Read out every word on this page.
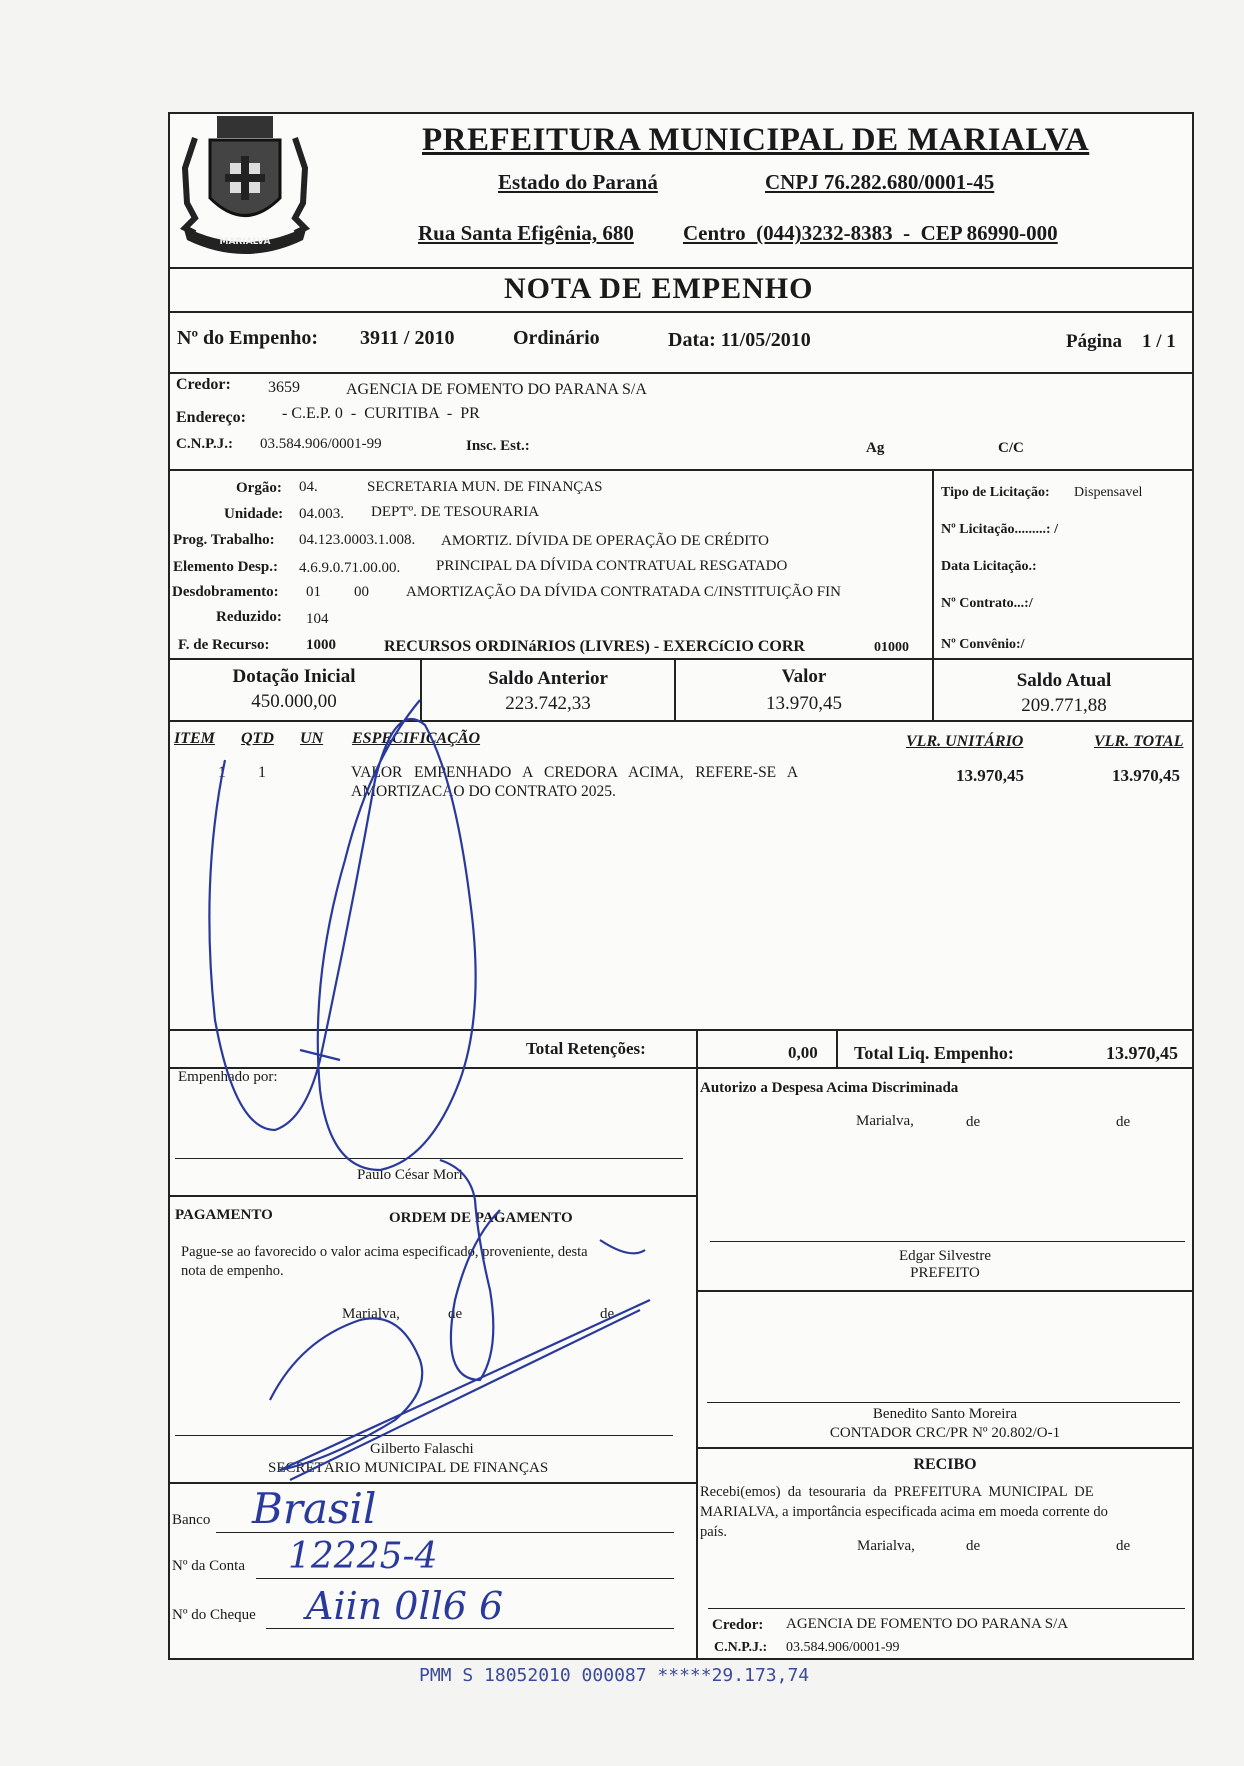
MARIALVA
PREFEITURA MUNICIPAL DE MARIALVA
Estado do Paraná	CNPJ 76.282.680/0001-45
Rua Santa Efigênia, 680 Centro  (044)3232-8383  -  CEP 86990-000
NOTA DE EMPENHO
Nº do Empenho: 3911 / 2010	Ordinário	Data: 11/05/2010	Página 1 / 1
Credor: 3659	AGENCIA DE FOMENTO DO PARANA S/A
Endereço: - C.E.P. 0  -  CURITIBA  -  PR
C.N.P.J.: 03.584.906/0001-99	Insc. Est.:	Ag	C/C
Orgão: 04.	SECRETARIA MUN. DE FINANÇAS
Unidade: 04.003. DEPTº. DE TESOURARIA
Prog. Trabalho: 04.123.0003.1.008. AMORTIZ. DÍVIDA DE OPERAÇÃO DE CRÉDITO
Elemento Desp.: 4.6.9.0.71.00.00. PRINCIPAL DA DÍVIDA CONTRATUAL RESGATADO
Desdobramento: 01 00 AMORTIZAÇÃO DA DÍVIDA CONTRATADA C/INSTITUIÇÃO FIN
Reduzido: 104
F. de Recurso: 1000	RECURSOS ORDINáRIOS (LIVRES) - EXERCíCIO CORR	01000
Tipo de Licitação: Dispensavel
Nº Licitação.........: /
Data Licitação.:
Nº Contrato...:/
Nº Convênio:/
Dotação Inicial
450.000,00
Saldo Anterior
223.742,33
Valor
13.970,45
Saldo Atual
209.771,88
ITEM QTD UN ESPECIFICAÇÃO	VLR. UNITÁRIO	VLR. TOTAL
1 1	VALOR   EMPENHADO   A   CREDORA   ACIMA,   REFERE-SE   A
AMORTIZACAO DO CONTRATO 2025.
13.970,45	13.970,45
Total Retenções:	0,00 Total Liq. Empenho:	13.970,45
Empenhado por:
Paulo César Mori
Autorizo a Despesa Acima Discriminada
Marialva,	de	de
Edgar Silvestre
PREFEITO
Benedito Santo Moreira
CONTADOR CRC/PR Nº 20.802/O-1
PAGAMENTO	ORDEM DE PAGAMENTO
Pague-se ao favorecido o valor acima especificado, proveniente, desta
nota de empenho.
Marialva,	de	de
Gilberto Falaschi
SECRETÁRIO MUNICIPAL DE FINANÇAS
Banco
Nº da Conta
Nº do Cheque
Brasil
12225-4
Aiin 0ll6 6
RECIBO
Recebi(emos)  da  tesouraria  da  PREFEITURA  MUNICIPAL  DE
MARIALVA, a importância especificada acima em moeda corrente do
país.
Marialva,	de	de
Credor: AGENCIA DE FOMENTO DO PARANA S/A
C.N.P.J.: 03.584.906/0001-99
PMM S 18052010 000087 *****29.173,74
